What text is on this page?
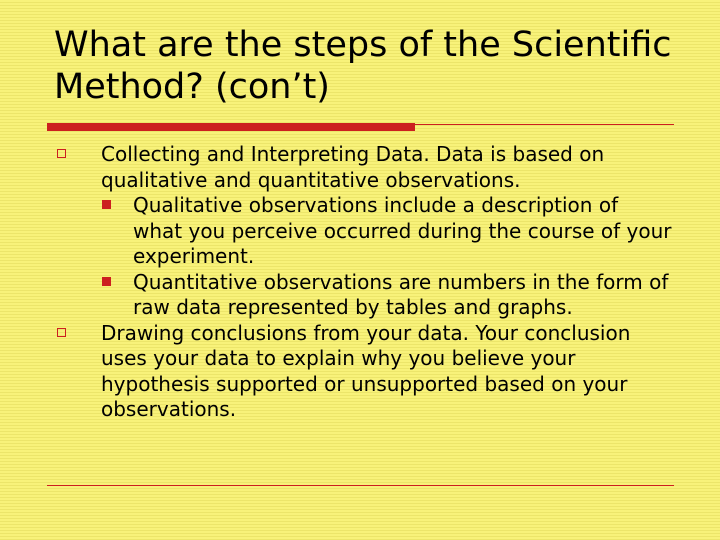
What are the steps of the Scientific Method? (con’t)

Collecting and Interpreting Data. Data is based on qualitative and quantitative observations.

Qualitative observations include a description of what you perceive occurred during the course of your experiment.

Quantitative observations are numbers in the form of raw data represented by tables and graphs.

Drawing conclusions from your data. Your conclusion uses your data to explain why you believe your hypothesis supported or unsupported based on your observations.
